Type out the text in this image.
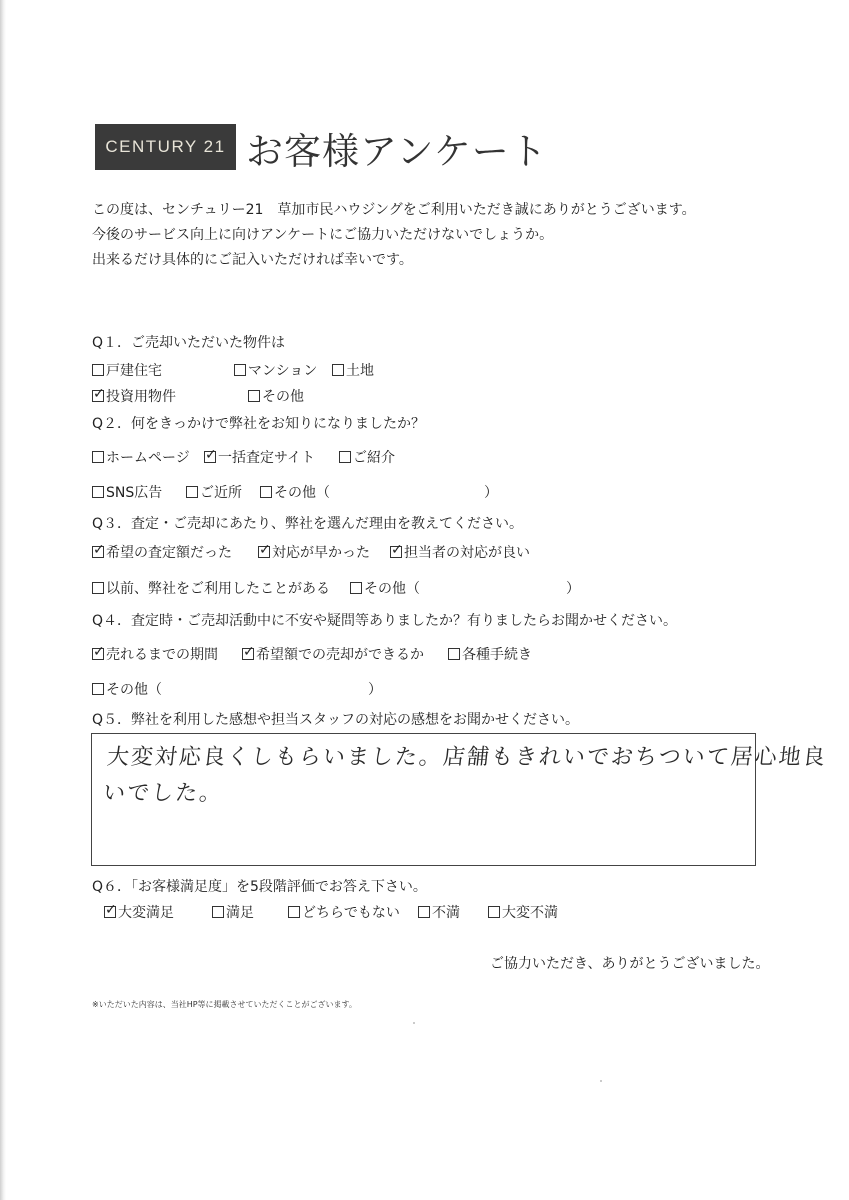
CENTURY 21 お客様アンケート
この度は、センチュリー21　草加市民ハウジングをご利用いただき誠にありがとうございます。
今後のサービス向上に向けアンケートにご協力いただけないでしょうか。
出来るだけ具体的にご記入いただければ幸いです。
Q１．ご売却いただいた物件は
戸建住宅	マンション 土地
✓
投資用物件	その他
Q２．何をきっかけで弊社をお知りになりましたか？
ホームページ ✓ 一括査定サイト	ご紹介
SNS広告	ご近所 その他（	）
Q３．査定・ご売却にあたり、弊社を選んだ理由を教えてください。
✓
希望の査定額だった ✓	対応が早かった ✓ 担当者の対応が良い
以前、弊社をご利用したことがある その他（	）
Q４．査定時・ご売却活動中に不安や疑問等ありましたか？有りましたらお聞かせください。
✓
売れるまでの期間 ✓	希望額での売却ができるか	各種手続き
その他（	）
Q５．弊社を利用した感想や担当スタッフの対応の感想をお聞かせください。
大変対応良くしもらいました。店舗もきれいでおちついて居心地良
いでした。
Q６．「お客様満足度」を5段階評価でお答え下さい。
✓
大変満足	満足	どちらでもない 不満	大変不満
ご協力いただき、ありがとうございました。
※いただいた内容は、当社HP等に掲載させていただくことがございます。
